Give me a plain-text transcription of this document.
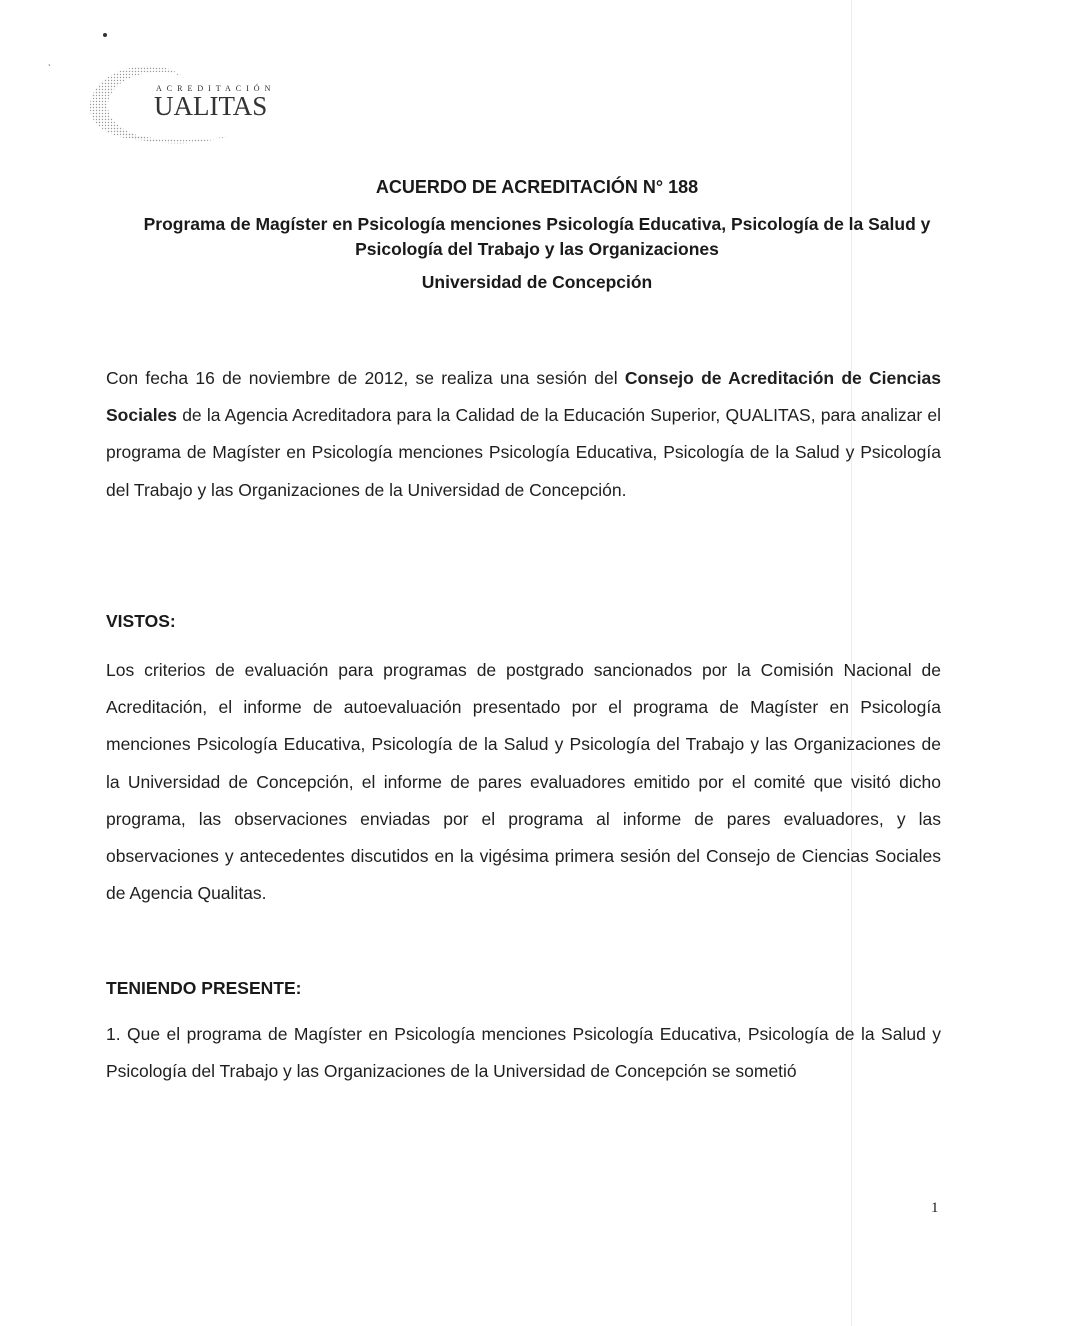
ˎ
ACREDITACIÓN
UALITAS
ACUERDO DE ACREDITACIÓN N° 188
Programa de Magíster en Psicología menciones Psicología Educativa, Psicología de la Salud y
Psicología del Trabajo y las Organizaciones
Universidad de Concepción
Con fecha 16 de noviembre de 2012, se realiza una sesión del Consejo de Acreditación de Ciencias Sociales de la Agencia Acreditadora para la Calidad de la Educación Superior, QUALITAS, para analizar el programa de Magíster en Psicología menciones Psicología Educativa, Psicología de la Salud y Psicología del Trabajo y las Organizaciones de la Universidad de Concepción.
VISTOS:
Los criterios de evaluación para programas de postgrado sancionados por la Comisión Nacional de Acreditación, el informe de autoevaluación presentado por el programa de Magíster en Psicología menciones Psicología Educativa, Psicología de la Salud y Psicología del Trabajo y las Organizaciones de la Universidad de Concepción, el informe de pares evaluadores emitido por el comité que visitó dicho programa, las observaciones enviadas por el programa al informe de pares evaluadores, y las observaciones y antecedentes discutidos en la vigésima primera sesión del Consejo de Ciencias Sociales de Agencia Qualitas.
TENIENDO PRESENTE:
1. Que el programa de Magíster en Psicología menciones Psicología Educativa, Psicología de la Salud y Psicología del Trabajo y las Organizaciones de la Universidad de Concepción se sometió
1
